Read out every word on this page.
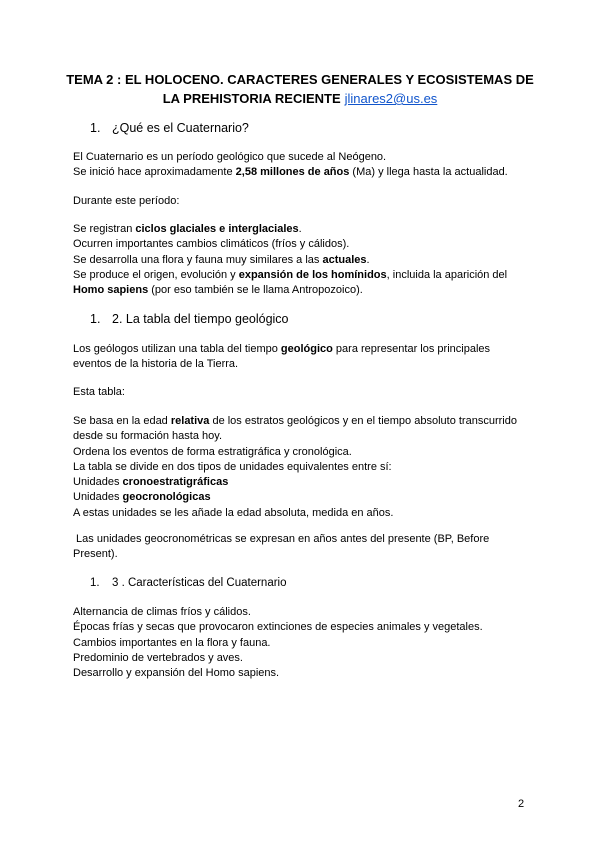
TEMA 2 : EL HOLOCENO. CARACTERES GENERALES Y ECOSISTEMAS DE
LA PREHISTORIA RECIENTE jlinares2@us.es
1. ¿Qué es el Cuaternario?

El Cuaternario es un período geológico que sucede al Neógeno.

Se inició hace aproximadamente 2,58 millones de años (Ma) y llega hasta la actualidad.

Durante este período:

Se registran ciclos glaciales e interglaciales.

Ocurren importantes cambios climáticos (fríos y cálidos).

Se desarrolla una flora y fauna muy similares a las actuales.

Se produce el origen, evolución y expansión de los homínidos, incluida la aparición del

Homo sapiens (por eso también se le llama Antropozoico).

1. 2. La tabla del tiempo geológico

Los geólogos utilizan una tabla del tiempo geológico para representar los principales

eventos de la historia de la Tierra.

Esta tabla:

Se basa en la edad relativa de los estratos geológicos y en el tiempo absoluto transcurrido

desde su formación hasta hoy.

Ordena los eventos de forma estratigráfica y cronológica.

La tabla se divide en dos tipos de unidades equivalentes entre sí:

Unidades cronoestratigráficas

Unidades geocronológicas

A estas unidades se les añade la edad absoluta, medida en años.

Las unidades geocronométricas se expresan en años antes del presente (BP, Before

Present).

1. 3 . Características del Cuaternario

Alternancia de climas fríos y cálidos.

Épocas frías y secas que provocaron extinciones de especies animales y vegetales.

Cambios importantes en la flora y fauna.

Predominio de vertebrados y aves.

Desarrollo y expansión del Homo sapiens.

2
